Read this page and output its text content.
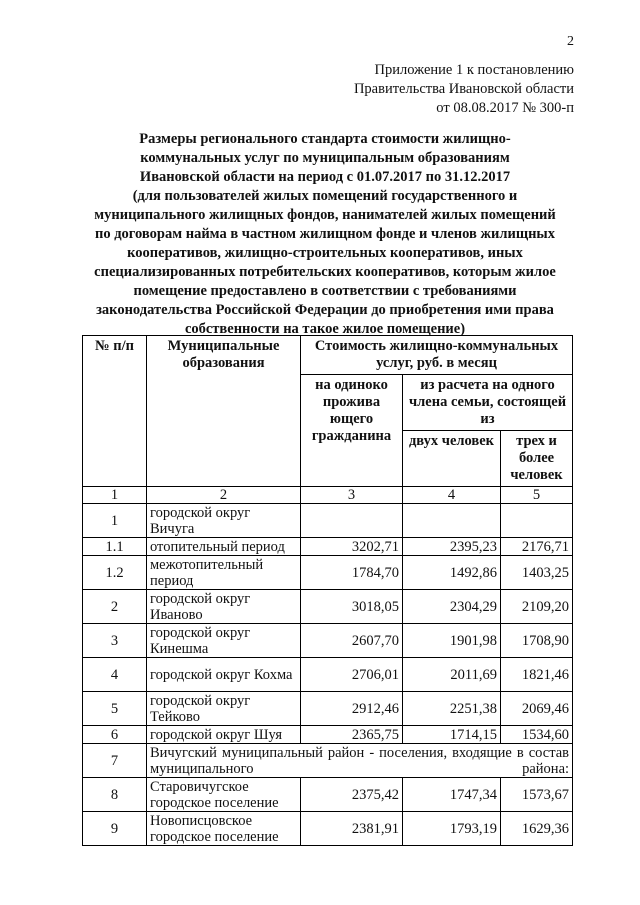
2
Приложение 1 к постановлению
Правительства Ивановской области
от 08.08.2017 № 300-п
Размеры регионального стандарта стоимости жилищно-
коммунальных услуг по муниципальным образованиям
Ивановской области на период с 01.07.2017 по 31.12.2017
(для пользователей жилых помещений государственного и
муниципального жилищных фондов, нанимателей жилых помещений
по договорам найма в частном жилищном фонде и членов жилищных
кооперативов, жилищно-строительных кооперативов, иных
специализированных потребительских кооперативов, которым жилое
помещение предоставлено в соответствии с требованиями
законодательства Российской Федерации до приобретения ими права
собственности на такое жилое помещение)
№ п/п	Муниципальные образования	Стоимость жилищно-коммунальных услуг, руб. в месяц		
		на одиноко прожива ющего гражданина	из расчета на одного члена семьи, состоящей из	
			двух человек	трех и более человек
1	2	3	4	5
1	городской округ Вичуга			
1.1	отопительный период	3202,71	2395,23	2176,71
1.2	межотопительный период	1784,70	1492,86	1403,25
2	городской округ Иваново	3018,05	2304,29	2109,20
3	городской округ Кинешма	2607,70	1901,98	1708,90
4	городской округ Кохма	2706,01	2011,69	1821,46
5	городской округ Тейково	2912,46	2251,38	2069,46
6	городской округ Шуя	2365,75	1714,15	1534,60
7	Вичугский муниципальный район - поселения, входящие в состав муниципального района:			
8	Старовичугское городское поселение	2375,42	1747,34	1573,67
9	Новописцовское городское поселение	2381,91	1793,19	1629,36
